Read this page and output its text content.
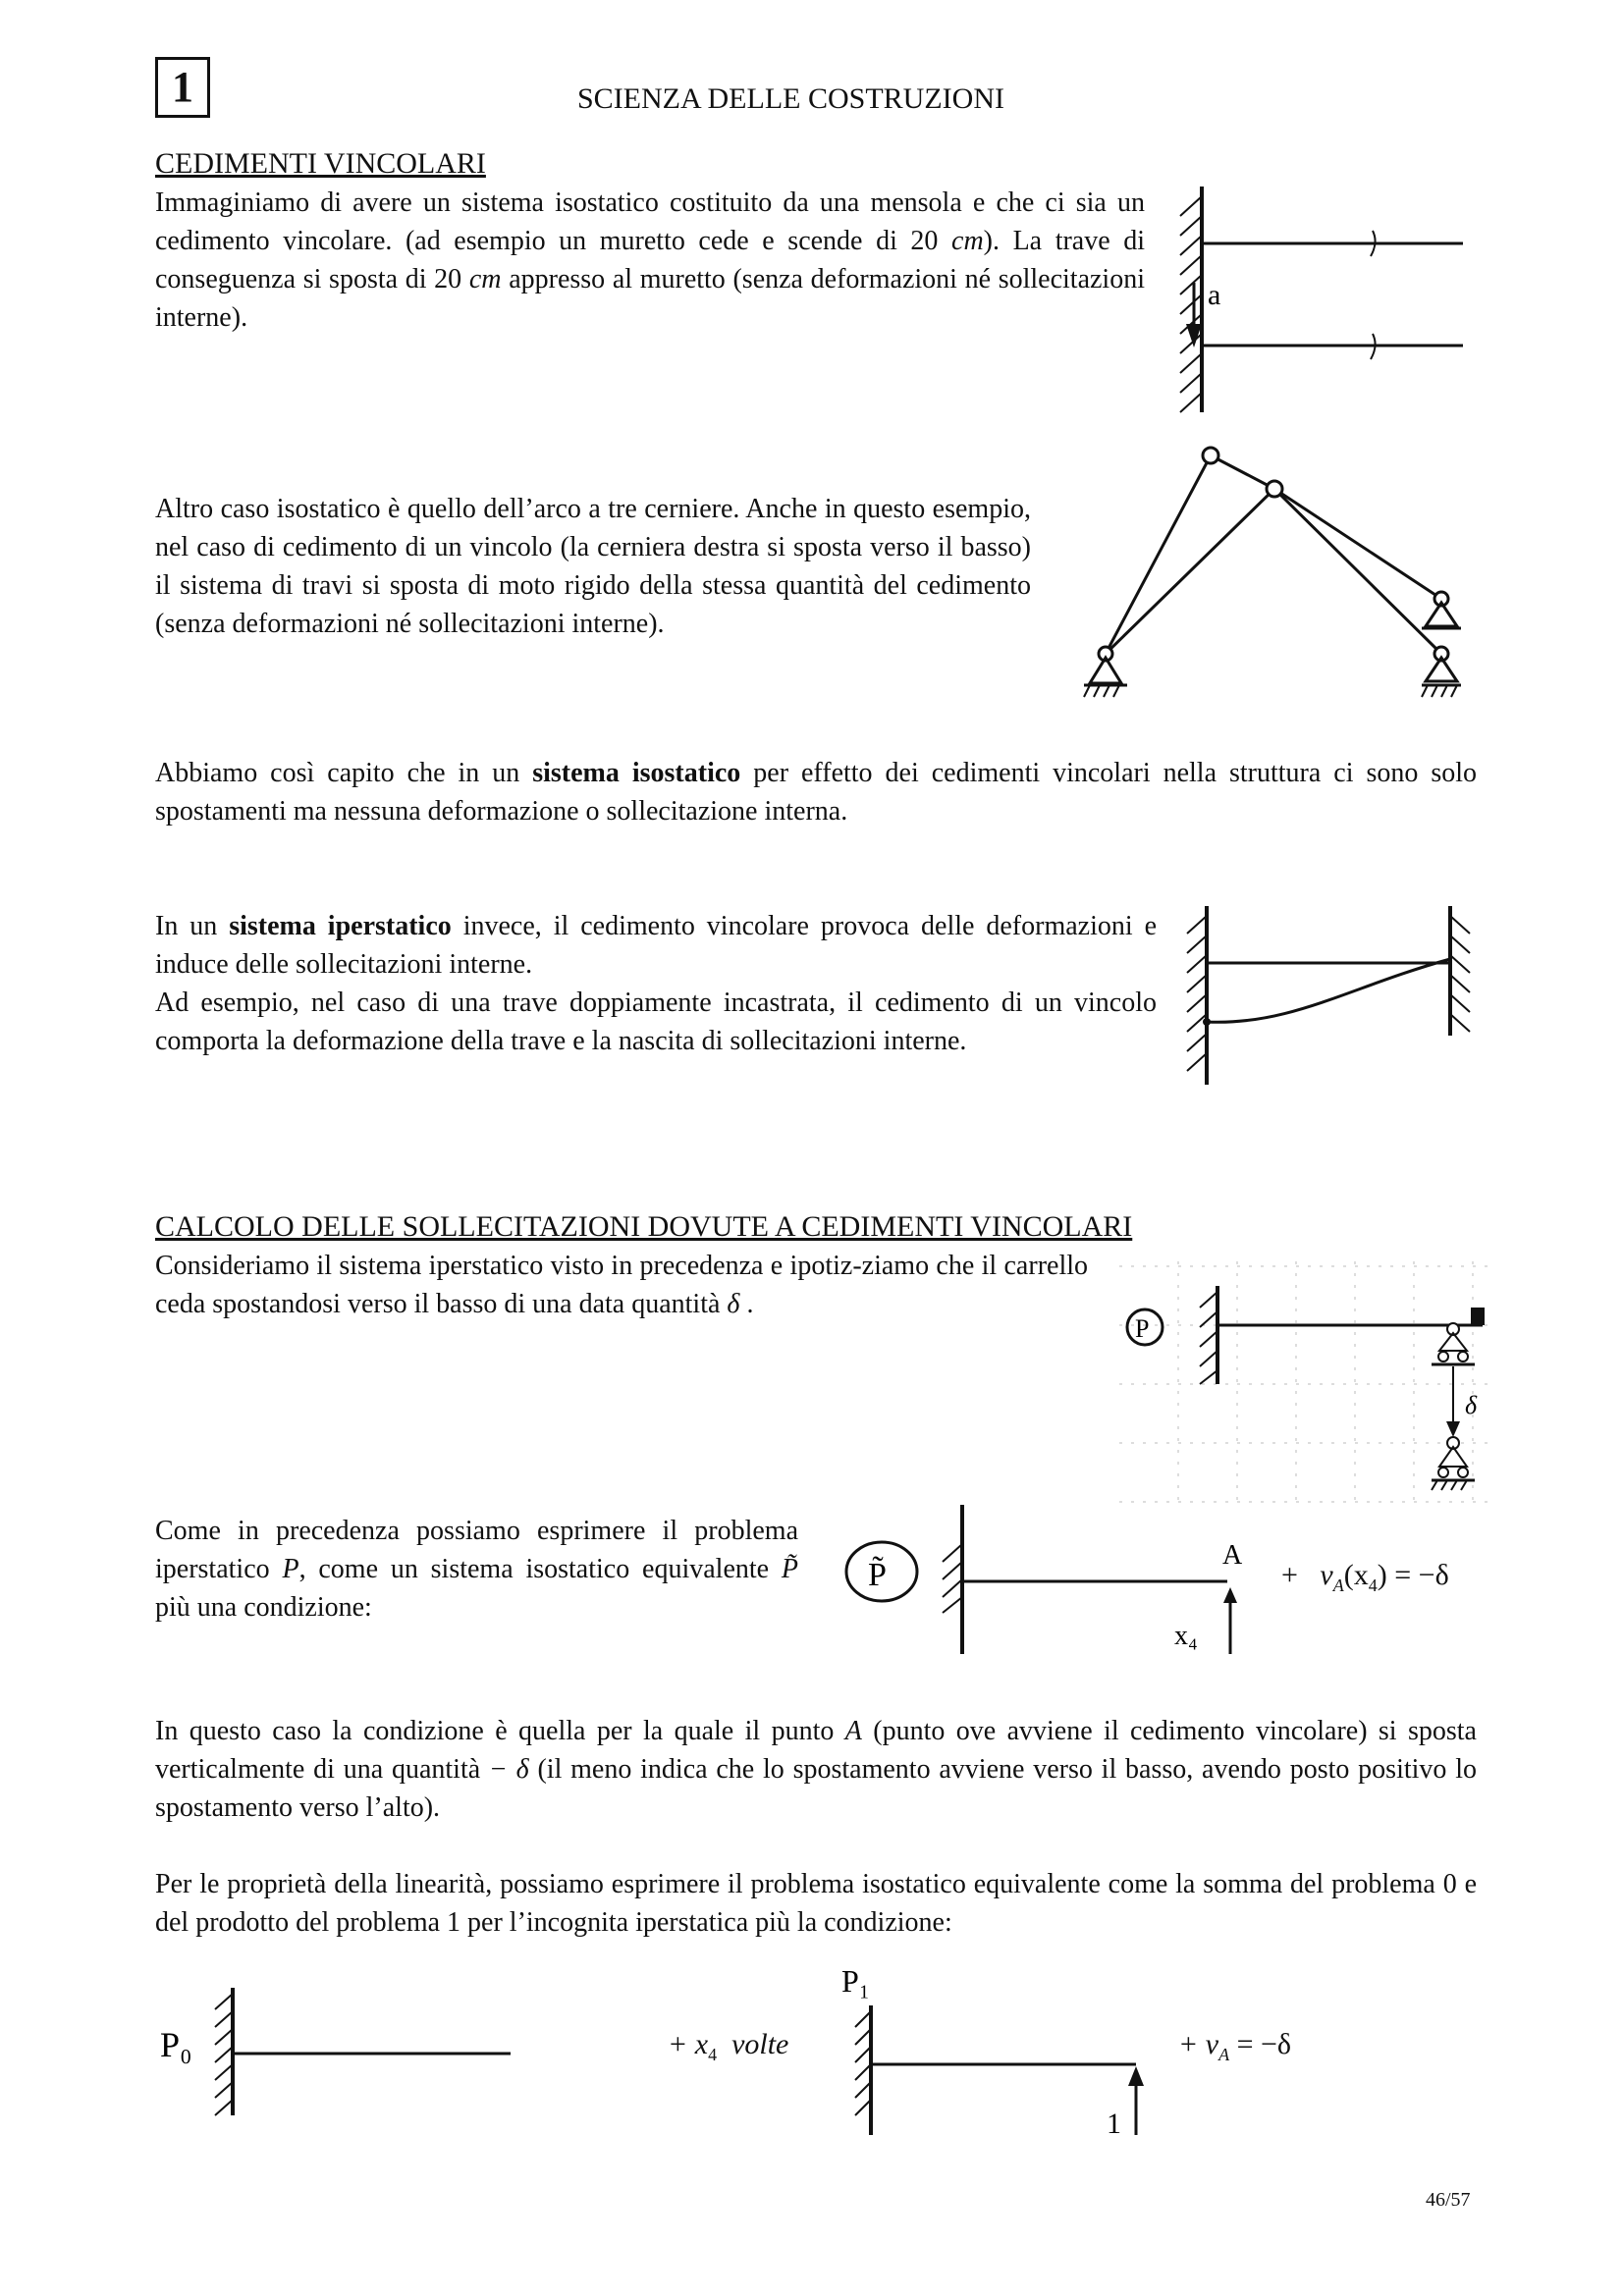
1	SCIENZA DELLE COSTRUZIONI
CEDIMENTI VINCOLARI
Immaginiamo di avere un sistema isostatico costituito da una mensola e che ci sia un cedimento vincolare. (ad esempio un muretto cede e scende di 20 cm). La trave di conseguenza si sposta di 20 cm appresso al muretto (senza deformazioni né sollecitazioni interne).
a
Altro caso isostatico è quello dell’arco a tre cerniere. Anche in questo esempio, nel caso di cedimento di un vincolo (la cerniera destra si sposta verso il basso) il sistema di travi si sposta di moto rigido della stessa quantità del cedimento (senza deformazioni né sollecitazioni interne).
Abbiamo così capito che in un sistema isostatico per effetto dei cedimenti vincolari nella struttura ci sono solo spostamenti ma nessuna deformazione o sollecitazione interna.
In un sistema iperstatico invece, il cedimento vincolare provoca delle deformazioni e induce delle sollecitazioni interne.
Ad esempio, nel caso di una trave doppiamente incastrata, il cedimento di un vincolo comporta la deformazione della trave e la nascita di sollecitazioni interne.
CALCOLO DELLE SOLLECITAZIONI DOVUTE A CEDIMENTI VINCOLARI
Consideriamo il sistema iperstatico visto in precedenza e ipotiz-ziamo che il carrello ceda spostandosi verso il basso di una data quantità δ .
P
δ
Come in precedenza possiamo esprimere il problema iperstatico P, come un sistema isostatico equivalente P̃ più una condizione:
P̃
A
x₄
+ $v_A(x_4) = -\delta$
In questo caso la condizione è quella per la quale il punto A (punto ove avviene il cedimento vincolare) si sposta verticalmente di una quantità − δ (il meno indica che lo spostamento avviene verso il basso, avendo posto positivo lo spostamento verso l’alto).
Per le proprietà della linearità, possiamo esprimere il problema isostatico equivalente come la somma del problema 0 e del prodotto del problema 1 per l’incognita iperstatica più la condizione:
P₀	+ $x_4$ volte
P₁
1
+ $v_A = -\delta$
46/57
